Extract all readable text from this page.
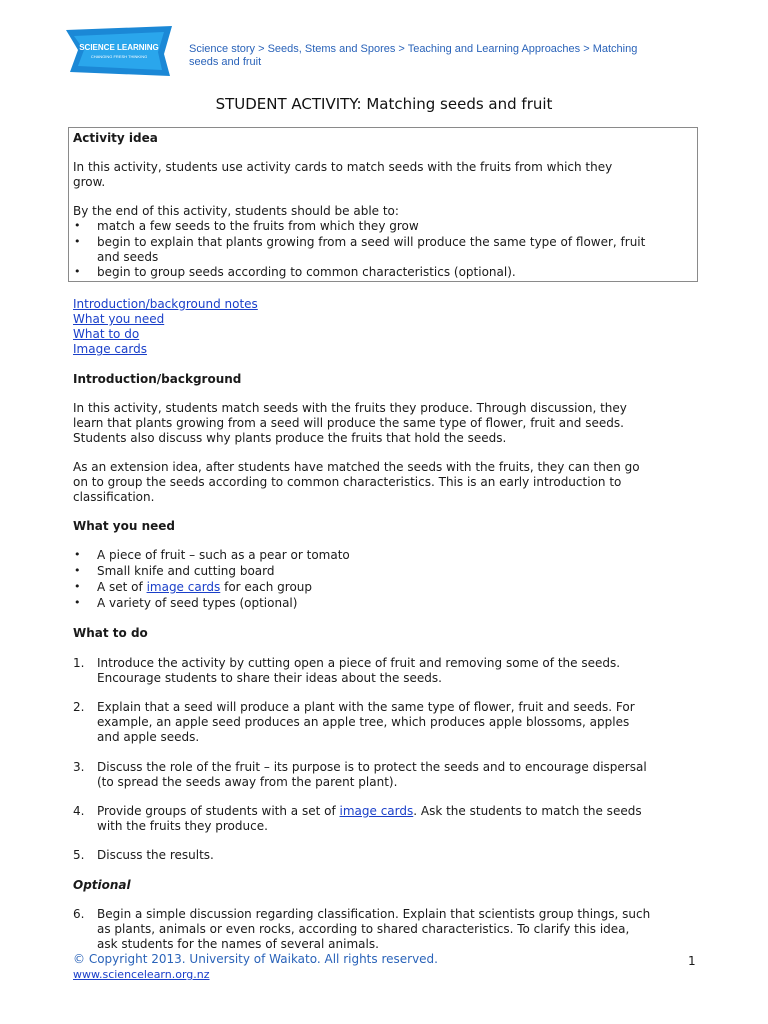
SCIENCE LEARNING
CHANGING FRESH THINKING
Science story > Seeds, Stems and Spores > Teaching and Learning Approaches > Matching
seeds and fruit
STUDENT ACTIVITY: Matching seeds and fruit
Activity idea
In this activity, students use activity cards to match seeds with the fruits from which they
grow.
By the end of this activity, students should be able to:
• match a few seeds to the fruits from which they grow
• begin to explain that plants growing from a seed will produce the same type of flower, fruit
and seeds
• begin to group seeds according to common characteristics (optional).
Introduction/background notes
What you need
What to do
Image cards
Introduction/background
In this activity, students match seeds with the fruits they produce. Through discussion, they
learn that plants growing from a seed will produce the same type of flower, fruit and seeds.
Students also discuss why plants produce the fruits that hold the seeds.
As an extension idea, after students have matched the seeds with the fruits, they can then go
on to group the seeds according to common characteristics. This is an early introduction to
classification.
What you need
• A piece of fruit – such as a pear or tomato
• Small knife and cutting board
• A set of image cards for each group
• A variety of seed types (optional)
What to do
1. Introduce the activity by cutting open a piece of fruit and removing some of the seeds.
Encourage students to share their ideas about the seeds.
2. Explain that a seed will produce a plant with the same type of flower, fruit and seeds. For
example, an apple seed produces an apple tree, which produces apple blossoms, apples
and apple seeds.
3. Discuss the role of the fruit – its purpose is to protect the seeds and to encourage dispersal
(to spread the seeds away from the parent plant).
4. Provide groups of students with a set of image cards. Ask the students to match the seeds
with the fruits they produce.
5. Discuss the results.
Optional
6. Begin a simple discussion regarding classification. Explain that scientists group things, such
as plants, animals or even rocks, according to shared characteristics. To clarify this idea,
ask students for the names of several animals.
© Copyright 2013. University of Waikato. All rights reserved.
www.sciencelearn.org.nz
1
